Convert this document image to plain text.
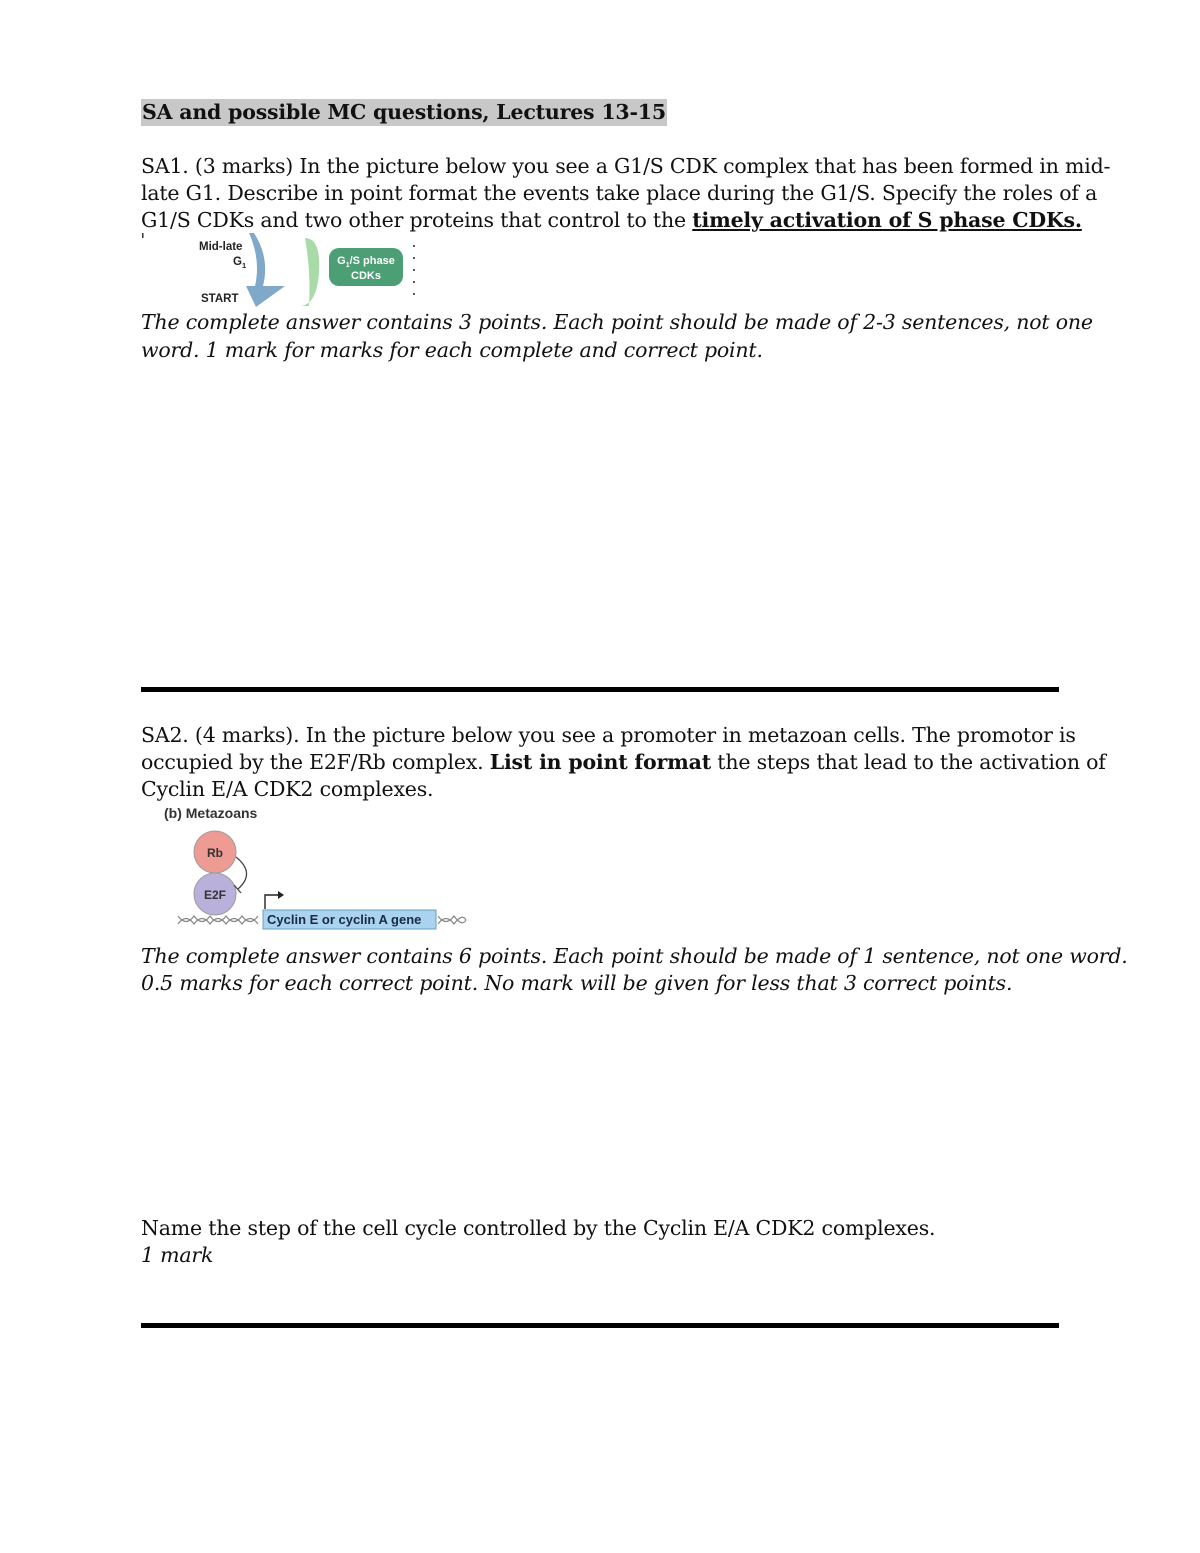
SA and possible MC questions, Lectures 13-15
SA1. (3 marks) In the picture below you see a G1/S CDK complex that has been formed in mid-
late G1. Describe in point format the events take place during the G1/S. Specify the roles of a
G1/S CDKs and two other proteins that control to the timely activation of S phase CDKs.
Mid-late
$G_1$
START
$G_1/S$ phase
CDKs
The complete answer contains 3 points. Each point should be made of 2-3 sentences, not one
word. 1 mark for marks for each complete and correct point.
SA2. (4 marks). In the picture below you see a promoter in metazoan cells. The promotor is
occupied by the E2F/Rb complex. List in point format the steps that lead to the activation of
Cyclin E/A CDK2 complexes.
(b) Metazoans
Rb
E2F
Cyclin E or cyclin A gene
The complete answer contains 6 points. Each point should be made of 1 sentence, not one word.
0.5 marks for each correct point. No mark will be given for less that 3 correct points.
Name the step of the cell cycle controlled by the Cyclin E/A CDK2 complexes.
1 mark
